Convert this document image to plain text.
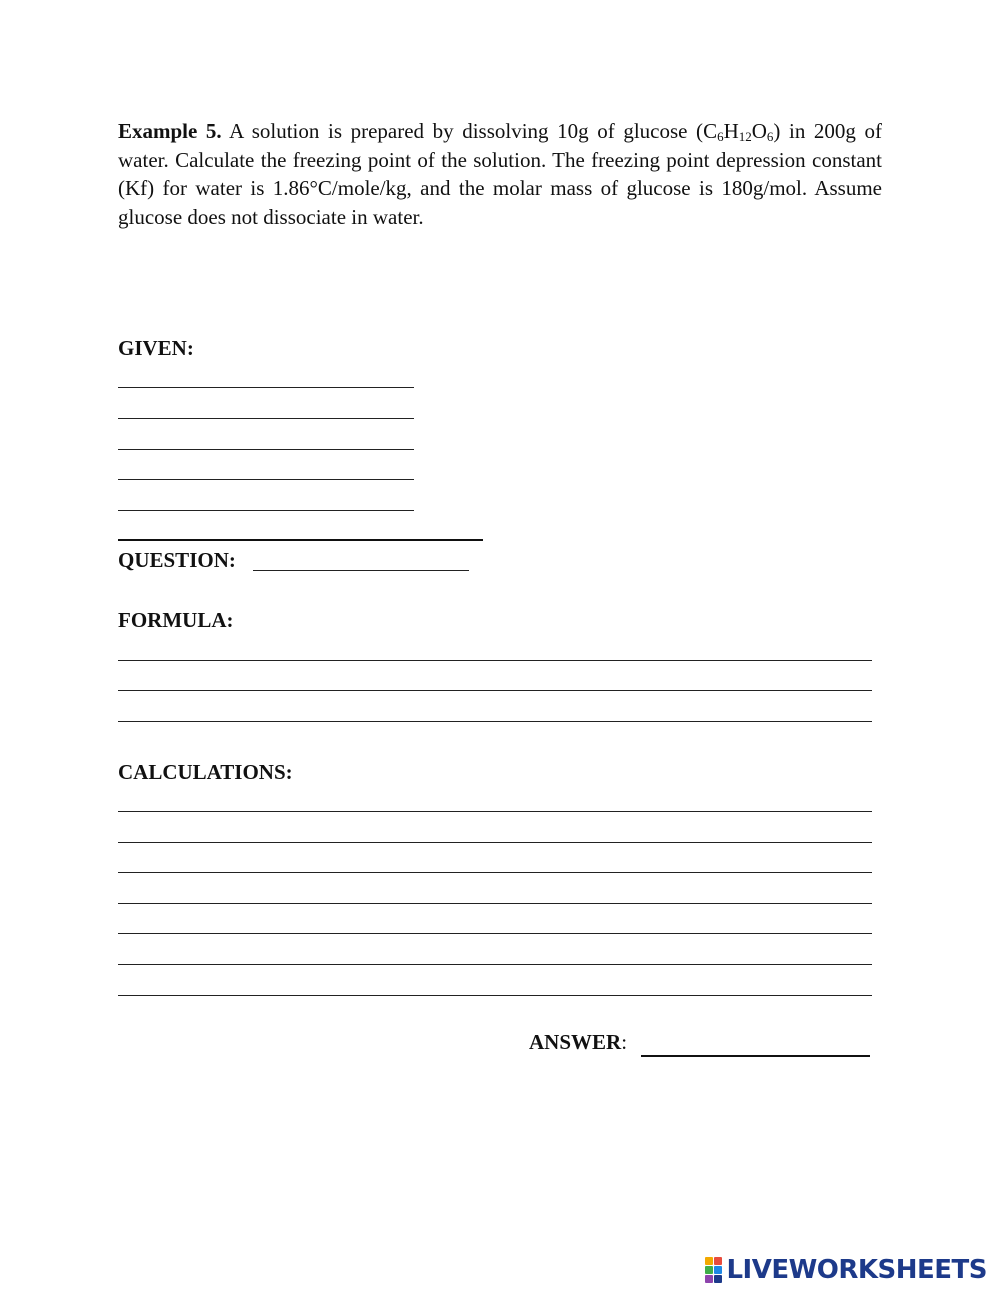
Example 5. A solution is prepared by dissolving 10g of glucose $(C_6H_{12}O_6)$ in 200g of water. Calculate the freezing point of the solution. The freezing point depression constant (Kf) for water is 1.86°C/mole/kg, and the molar mass of glucose is 180g/mol. Assume glucose does not dissociate in water.

GIVEN:
QUESTION:
FORMULA:
CALCULATIONS:
ANSWER:
LIVEWORKSHEETS
